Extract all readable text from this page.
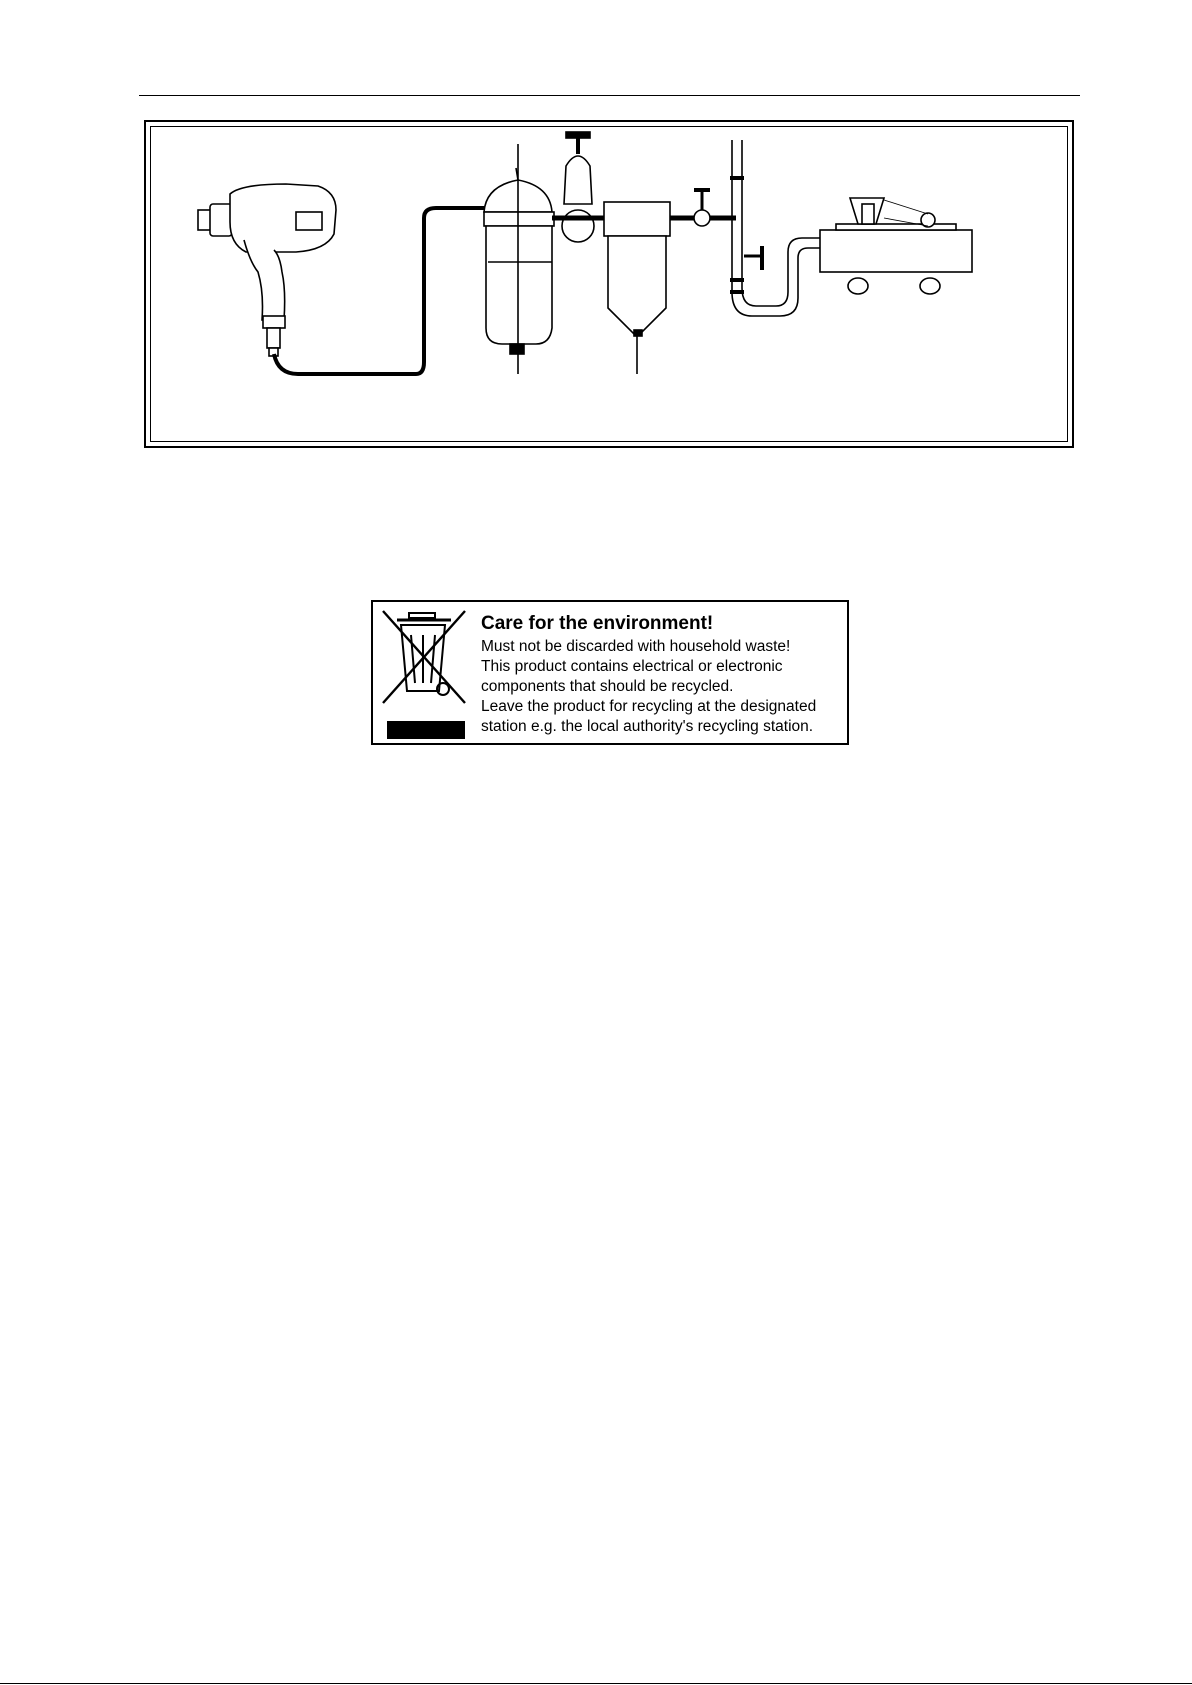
Care for the environment!

Must not be discarded with household waste!

This product contains electrical or electronic

components that should be recycled.

Leave the product for recycling at the designated

station e.g. the local authority's recycling station.
